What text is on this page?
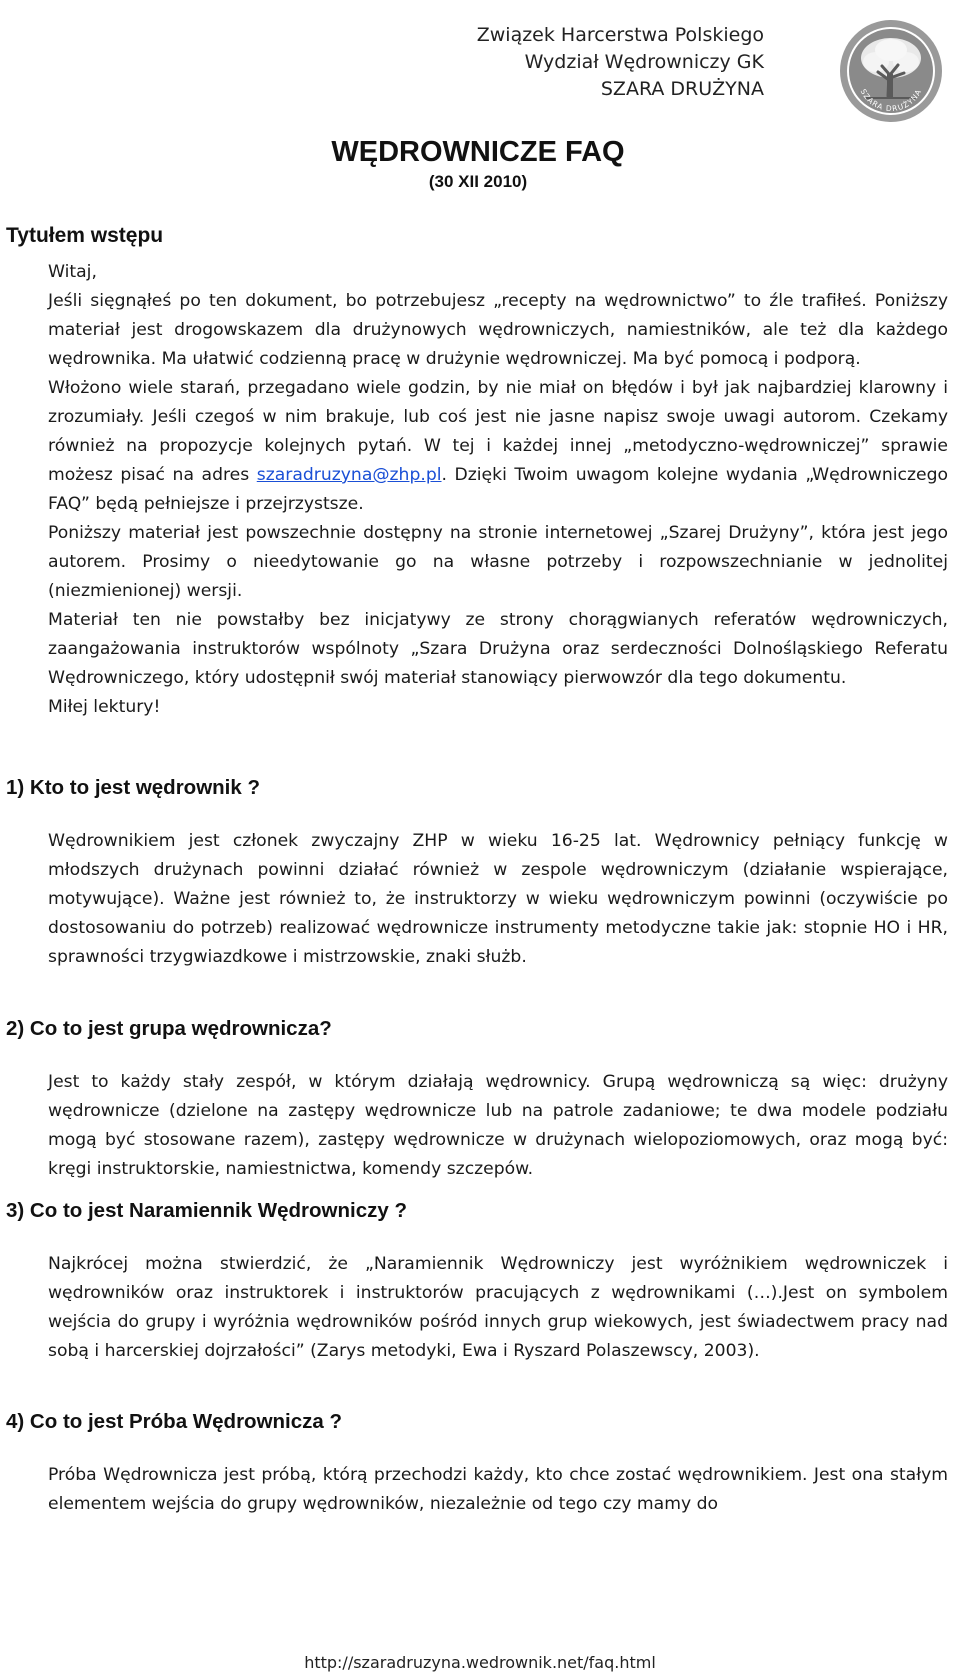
Związek Harcerstwa Polskiego
Wydział Wędrowniczy GK
SZARA DRUŻYNA	SZARA DRUŻYNA
WĘDROWNICZE FAQ
(30 XII 2010)
Tytułem wstępu

Witaj,

Jeśli sięgnąłeś po ten dokument, bo potrzebujesz „recepty na wędrownictwo” to źle trafiłeś. Poniższy materiał jest drogowskazem dla drużynowych wędrowniczych, namiestników, ale też dla każdego wędrownika. Ma ułatwić codzienną pracę w drużynie wędrowniczej. Ma być pomocą i podporą.

Włożono wiele starań, przegadano wiele godzin, by nie miał on błędów i był jak najbardziej klarowny i zrozumiały. Jeśli czegoś w nim brakuje, lub coś jest nie jasne napisz swoje uwagi autorom. Czekamy również na propozycje kolejnych pytań. W tej i każdej innej „metodyczno-wędrowniczej” sprawie możesz pisać na adres szaradruzyna@zhp.pl. Dzięki Twoim uwagom kolejne wydania „Wędrowniczego FAQ” będą pełniejsze i przejrzystsze.

Poniższy materiał jest powszechnie dostępny na stronie internetowej „Szarej Drużyny”, która jest jego autorem. Prosimy o nieedytowanie go na własne potrzeby i rozpowszechnianie w jednolitej (niezmienionej) wersji.

Materiał ten nie powstałby bez inicjatywy ze strony chorągwianych referatów wędrowniczych, zaangażowania instruktorów wspólnoty „Szara Drużyna oraz serdeczności Dolnośląskiego Referatu Wędrowniczego, który udostępnił swój materiał stanowiący pierwowzór dla tego dokumentu.

Miłej lektury!

1) Kto to jest wędrownik ?
Wędrownikiem jest członek zwyczajny ZHP w wieku 16-25 lat. Wędrownicy pełniący funkcję w młodszych drużynach powinni działać również w zespole wędrowniczym (działanie wspierające, motywujące). Ważne jest również to, że instruktorzy w wieku wędrowniczym powinni (oczywiście po dostosowaniu do potrzeb) realizować wędrownicze instrumenty metodyczne takie jak: stopnie HO i HR, sprawności trzygwiazdkowe i mistrzowskie, znaki służb.
2) Co to jest grupa wędrownicza?
Jest to każdy stały zespół, w którym działają wędrownicy. Grupą wędrowniczą są więc: drużyny wędrownicze (dzielone na zastępy wędrownicze lub na patrole zadaniowe; te dwa modele podziału mogą być stosowane razem), zastępy wędrownicze w drużynach wielopoziomowych, oraz mogą być: kręgi instruktorskie, namiestnictwa, komendy szczepów.
3) Co to jest Naramiennik Wędrowniczy ?
Najkrócej można stwierdzić, że „Naramiennik Wędrowniczy jest wyróżnikiem wędrowniczek i wędrowników oraz instruktorek i instruktorów pracujących z wędrownikami (…).Jest on symbolem wejścia do grupy i wyróżnia wędrowników pośród innych grup wiekowych, jest świadectwem pracy nad sobą i harcerskiej dojrzałości” (Zarys metodyki, Ewa i Ryszard Polaszewscy, 2003).
4) Co to jest Próba Wędrownicza ?
Próba Wędrownicza jest próbą, którą przechodzi każdy, kto chce zostać wędrownikiem. Jest ona stałym elementem wejścia do grupy wędrowników, niezależnie od tego czy mamy do
http://szaradruzyna.wedrownik.net/faq.html
